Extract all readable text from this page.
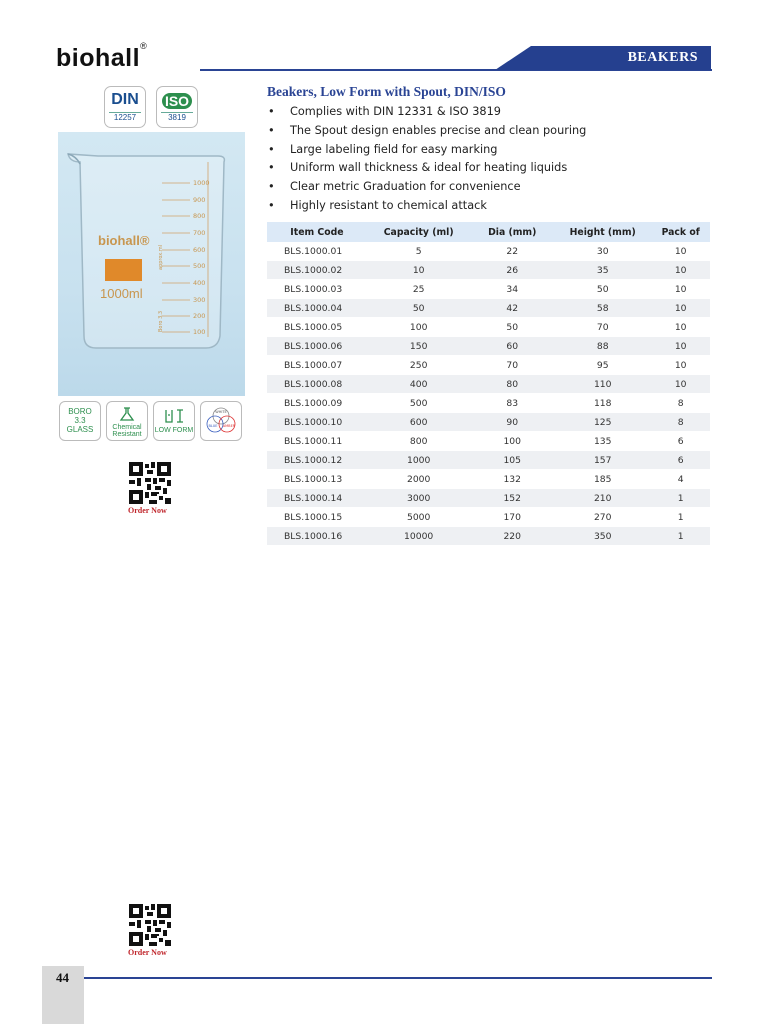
biohall®
BEAKERS
DIN
12257
ISO
3819
1000
900
800
700
600
500
400
300
200
100
approx.ml
Boro 3.3
biohall®
1000ml
BORO
3.3
GLASS	Chemical Resistant
LOW FORM
WHITE
BLUE AMBER
Order Now
Order Now
Beakers, Low Form with Spout, DIN/ISO
• Complies with DIN 12331 & ISO 3819
• The Spout design enables precise and clean pouring
• Large labeling field for easy marking
• Uniform wall thickness & ideal for heating liquids
• Clear metric Graduation for convenience
• Highly resistant to chemical attack
Item Code	Capacity (ml)	Dia (mm)	Height (mm)	Pack of
BLS.1000.01	5	22	30	10
BLS.1000.02	10	26	35	10
BLS.1000.03	25	34	50	10
BLS.1000.04	50	42	58	10
BLS.1000.05	100	50	70	10
BLS.1000.06	150	60	88	10
BLS.1000.07	250	70	95	10
BLS.1000.08	400	80	110	10
BLS.1000.09	500	83	118	8
BLS.1000.10	600	90	125	8
BLS.1000.11	800	100	135	6
BLS.1000.12	1000	105	157	6
BLS.1000.13	2000	132	185	4
BLS.1000.14	3000	152	210	1
BLS.1000.15	5000	170	270	1
BLS.1000.16	10000	220	350	1
44
